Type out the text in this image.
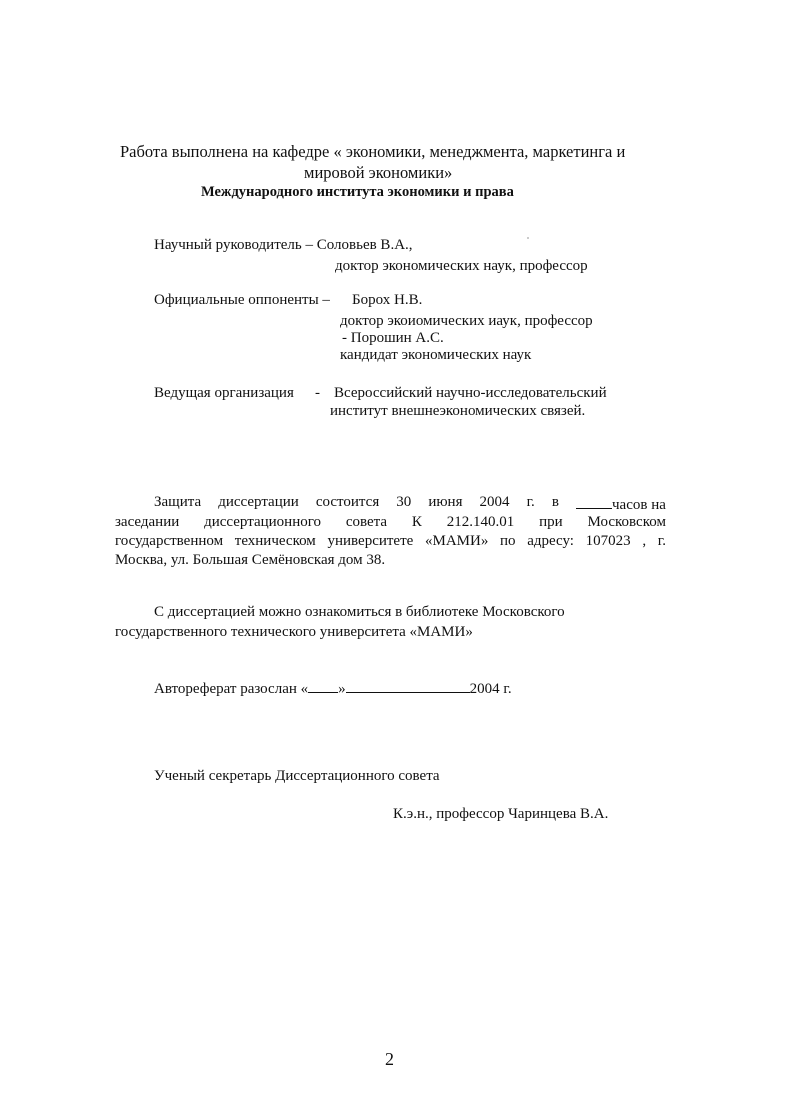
Работа выполнена на кафедре « экономики, менеджмента, маркетинга и
мировой экономики»
Международного института экономики и права
Научный руководитель – Соловьев В.А.,
доктор экономических наук, профессор
Официальные оппоненты – Борох Н.В.
доктор экоиомических иаук, профессор
- Порошин А.С.
кандидат экономических наук
Ведущая организация - Всероссийский научно-исследовательский
институт внешнеэкономических связей.
Защита диссертации состоится 30 июня 2004 г. в	часов на
заседании диссертационного совета К 212.140.01 при Московском
государственном техническом университете «МАМИ» по адресу: 107023 , г.
Москва, ул. Большая Семёновская дом 38.
С диссертацией можно ознакомиться в библиотеке Московского
государственного технического университета «МАМИ»
Автореферат разослан « »	2004 г.
Ученый секретарь Диссертационного совета
К.э.н., профессор Чаринцева В.А.
2
